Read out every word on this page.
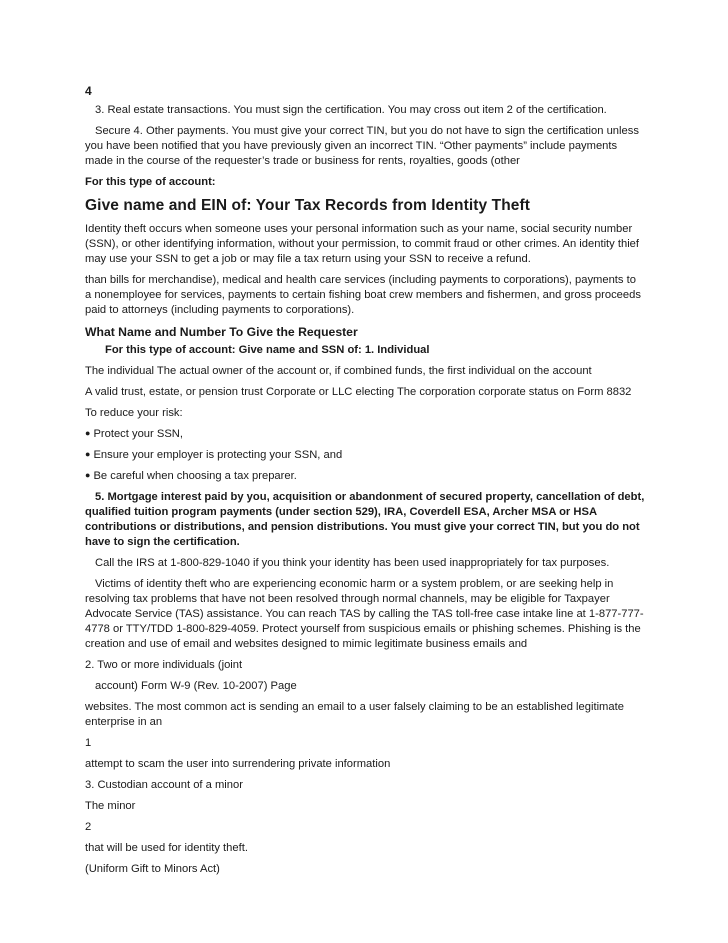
4

3. Real estate transactions. You must sign the certification. You may cross out item 2 of the certification.

Secure 4. Other payments. You must give your correct TIN, but you do not have to sign the certification unless you have been notified that you have previously given an incorrect TIN. “Other payments” include payments made in the course of the requester’s trade or business for rents, royalties, goods (other

For this type of account:

Give name and EIN of: Your Tax Records from Identity Theft

Identity theft occurs when someone uses your personal information such as your name, social security number (SSN), or other identifying information, without your permission, to commit fraud or other crimes. An identity thief may use your SSN to get a job or may file a tax return using your SSN to receive a refund.

than bills for merchandise), medical and health care services (including payments to corporations), payments to a nonemployee for services, payments to certain fishing boat crew members and fishermen, and gross proceeds paid to attorneys (including payments to corporations).

What Name and Number To Give the Requester

For this type of account: Give name and SSN of: 1. Individual

The individual The actual owner of the account or, if combined funds, the first individual on the account

A valid trust, estate, or pension trust Corporate or LLC electing The corporation corporate status on Form 8832

To reduce your risk:

● Protect your SSN,

● Ensure your employer is protecting your SSN, and

● Be careful when choosing a tax preparer.

5. Mortgage interest paid by you, acquisition or abandonment of secured property, cancellation of debt, qualified tuition program payments (under section 529), IRA, Coverdell ESA, Archer MSA or HSA contributions or distributions, and pension distributions. You must give your correct TIN, but you do not have to sign the certification.

Call the IRS at 1-800-829-1040 if you think your identity has been used inappropriately for tax purposes.

Victims of identity theft who are experiencing economic harm or a system problem, or are seeking help in resolving tax problems that have not been resolved through normal channels, may be eligible for Taxpayer Advocate Service (TAS) assistance. You can reach TAS by calling the TAS toll-free case intake line at 1-877-777-4778 or TTY/TDD 1-800-829-4059. Protect yourself from suspicious emails or phishing schemes. Phishing is the creation and use of email and websites designed to mimic legitimate business emails and

2. Two or more individuals (joint

account) Form W-9 (Rev. 10-2007) Page

websites. The most common act is sending an email to a user falsely claiming to be an established legitimate enterprise in an

1

attempt to scam the user into surrendering private information

3. Custodian account of a minor

The minor

2

that will be used for identity theft.

(Uniform Gift to Minors Act)
